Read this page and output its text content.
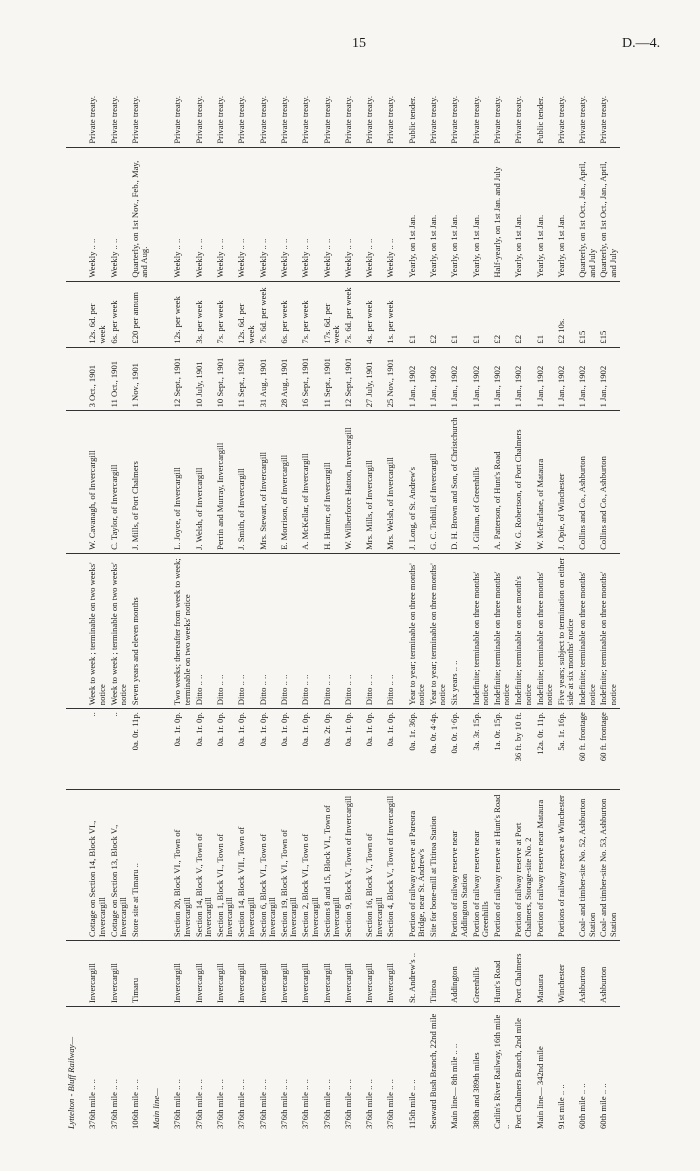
15	D.—4.
Lyttelton - Bluff Railway—									
376th mile .. ..	Invercargill	Cottage on Section 14, Block VI., Invercargill	..	Week to week ; terminable on two weeks' notice	W. Cavanagh, of Invercargill	3 Oct., 1901	12s. 6d. per week	Weekly .. ..	Private treaty.
376th mile .. ..	Invercargill	Cottage on Section 13, Block V., Invercargill	..	Week to week ; terminable on two weeks' notice	C. Taylor, of Invercargill	11 Oct., 1901	6s. per week	Weekly .. ..	Private treaty.
106th mile .. ..	Timaru	Store site at Timaru ..	0a. 0r. 11p.	Seven years and eleven months	J. Mills, of Port Chalmers	1 Nov., 1901	£20 per annum	Quarterly, on 1st Nov., Feb., May, and Aug.	Private treaty.
Main line—									
376th mile .. ..	Invercargill	Section 20, Block VI., Town of Invercargill	0a. 1r. 0p.	Two weeks; thereafter from week to week; terminable on two weeks' notice	L. Joyce, of Invercargill	12 Sept., 1901	12s. per week	Weekly .. ..	Private treaty.
376th mile .. ..	Invercargill	Section 14, Block V., Town of Invercargill	0a. 1r. 0p.	Ditto .. ..	J. Welsh, of Invercargill	10 July, 1901	3s. per week	Weekly .. ..	Private treaty.
376th mile .. ..	Invercargill	Section 1, Block VI., Town of Invercargill	0a. 1r. 0p.	Ditto .. ..	Perrin and Murray, Invercargill	10 Sept., 1901	7s. per week	Weekly .. ..	Private treaty.
376th mile .. ..	Invercargill	Section 14, Block VII., Town of Invercargill	0a. 1r. 0p.	Ditto .. ..	J. Smith, of Invercargill	11 Sept., 1901	12s. 6d. per week	Weekly .. ..	Private treaty.
376th mile .. ..	Invercargill	Section 6, Block VI., Town of Invercargill	0a. 1r. 0p.	Ditto .. ..	Mrs. Stewart, of Invercargill	31 Aug., 1901	7s. 6d. per week	Weekly .. ..	Private treaty.
376th mile .. ..	Invercargill	Section 19, Block VI., Town of Invercargill	0a. 1r. 0p.	Ditto .. ..	E. Morrison, of Invercargill	28 Aug., 1901	6s. per week	Weekly .. ..	Private treaty.
376th mile .. ..	Invercargill	Section 2, Block VI., Town of Invercargill	0a. 1r. 0p.	Ditto .. ..	A. McKellar, of Invercargill	16 Sept., 1901	7s. per week	Weekly .. ..	Private treaty.
376th mile .. ..	Invercargill	Sections 8 and 15, Block VI., Town of Invercargill	0a. 2r. 0p.	Ditto .. ..	H. Hunter, of Invercargill	11 Sept., 1901	17s. 6d. per week	Weekly .. ..	Private treaty.
376th mile .. ..	Invercargill	Section 9, Block V., Town of Invercargill	0a. 1r. 0p.	Ditto .. ..	W. Wilberforce Hatton, Invercargill	12 Sept., 1901	7s. 6d. per week	Weekly .. ..	Private treaty.
376th mile .. ..	Invercargill	Section 16, Block V., Town of Invercargill	0a. 1r. 0p.	Ditto .. ..	Mrs. Mills, of Invercargill	27 July, 1901	4s. per week	Weekly .. ..	Private treaty.
376th mile .. ..	Invercargill	Section 4, Block V., Town of Invercargill	0a. 1r. 0p.	Ditto .. ..	Mrs. Welsh, of Invercargill	25 Nov., 1901	1s. per week	Weekly .. ..	Private treaty.
115th mile .. ..	St. Andrew's ..	Portion of railway reserve at Pareora Bridge, near St. Andrew's	0a. 1r. 36p.	Year to year; terminable on three months' notice	J. Long, of St. Andrew's	1 Jan., 1902	£1	Yearly, on 1st Jan.	Public tender.
Seaward Bush Branch, 22nd mile	Titiroa	Site for bone-mill at Titiroa Station	0a. 0r. 4·4p.	Year to year; terminable on three months' notice	G. C. Tothill, of Invercargill	1 Jan., 1902	£2	Yearly, on 1st Jan.	Private treaty.
Main line— 8th mile .. ..	Addington	Portion of railway reserve near Addington Station	0a. 0r. 1·6p.	Six years .. ..	D. H. Brown and Son, of Christchurch	1 Jan., 1902	£1	Yearly, on 1st Jan.	Private treaty.
388th and 389th miles	Greenhills	Portion of railway reserve near Greenhills	3a. 3r. 15p.	Indefinite; terminable on three months' notice	J. Gilman, of Greenhills	1 Jan., 1902	£1	Yearly, on 1st Jan.	Private treaty.
Catlin's River Railway, 16th mile ..	Hunt's Road	Portion of railway reserve at Hunt's Road	1a. 0r. 15p.	Indefinite; terminable on three months' notice	A. Patterson, of Hunt's Road	1 Jan., 1902	£2	Half-yearly, on 1st Jan. and July	Private treaty.
Port Chalmers Branch, 2nd mile	Port Chalmers	Portion of railway reserve at Port Chalmers, Storage-site No. 2	36 ft. by 10 ft.	Indefinite; terminable on one month's notice	W. G. Robertson, of Port Chalmers	1 Jan., 1902	£2	Yearly, on 1st Jan.	Private treaty.
Main line— 342nd mile	Mataura	Portion of railway reserve near Mataura	12a. 0r. 11p.	Indefinite; terminable on three months' notice	W. McFarlane, of Mataura	1 Jan., 1902	£1	Yearly, on 1st Jan.	Public tender.
91st mile .. ..	Winchester	Portions of railway reserve at Winchester	5a. 1r. 16p.	Five years; subject to termination on either side at six months' notice	J. Opie, of Winchester	1 Jan., 1902	£2 10s.	Yearly, on 1st Jan.	Private treaty.
60th mile .. ..	Ashburton	Coal- and timber-site No. 52, Ashburton Station	60 ft. frontage	Indefinite; terminable on three months' notice	Collins and Co., Ashburton	1 Jan., 1902	£15	Quarterly, on 1st Oct., Jan., April, and July	Private treaty.
60th mile .. ..	Ashburton	Coal- and timber-site No. 53, Ashburton Station	60 ft. frontage	Indefinite; terminable on three months' notice	Collins and Co., Ashburton	1 Jan., 1902	£15	Quarterly, on 1st Oct., Jan., April, and July	Private treaty.
